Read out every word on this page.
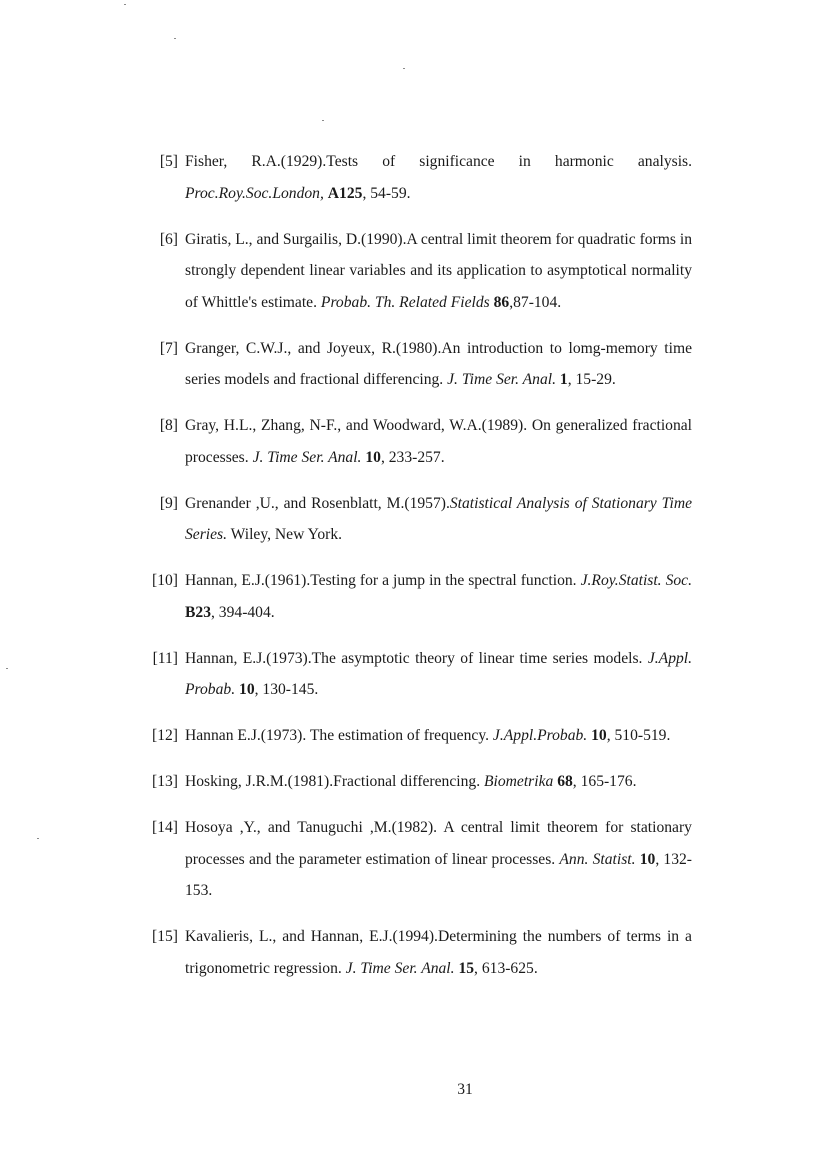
[5] Fisher, R.A.(1929).Tests of significance in harmonic analysis. Proc.Roy.Soc.London, A125, 54-59.
[6] Giratis, L., and Surgailis, D.(1990).A central limit theorem for quadratic forms in strongly dependent linear variables and its application to asymptotical normality of Whittle's estimate. Probab. Th. Related Fields 86,87-104.
[7] Granger, C.W.J., and Joyeux, R.(1980).An introduction to lomg-memory time series models and fractional differencing. J. Time Ser. Anal. 1, 15-29.
[8] Gray, H.L., Zhang, N-F., and Woodward, W.A.(1989). On generalized fractional processes. J. Time Ser. Anal. 10, 233-257.
[9] Grenander ,U., and Rosenblatt, M.(1957).Statistical Analysis of Stationary Time Series. Wiley, New York.
[10] Hannan, E.J.(1961).Testing for a jump in the spectral function. J.Roy.Statist. Soc. B23, 394-404.
[11] Hannan, E.J.(1973).The asymptotic theory of linear time series models. J.Appl. Probab. 10, 130-145.
[12] Hannan E.J.(1973). The estimation of frequency. J.Appl.Probab. 10, 510-519.
[13] Hosking, J.R.M.(1981).Fractional differencing. Biometrika 68, 165-176.
[14] Hosoya ,Y., and Tanuguchi ,M.(1982). A central limit theorem for stationary processes and the parameter estimation of linear processes. Ann. Statist. 10, 132-153.
[15] Kavalieris, L., and Hannan, E.J.(1994).Determining the numbers of terms in a trigonometric regression. J. Time Ser. Anal. 15, 613-625.
31
